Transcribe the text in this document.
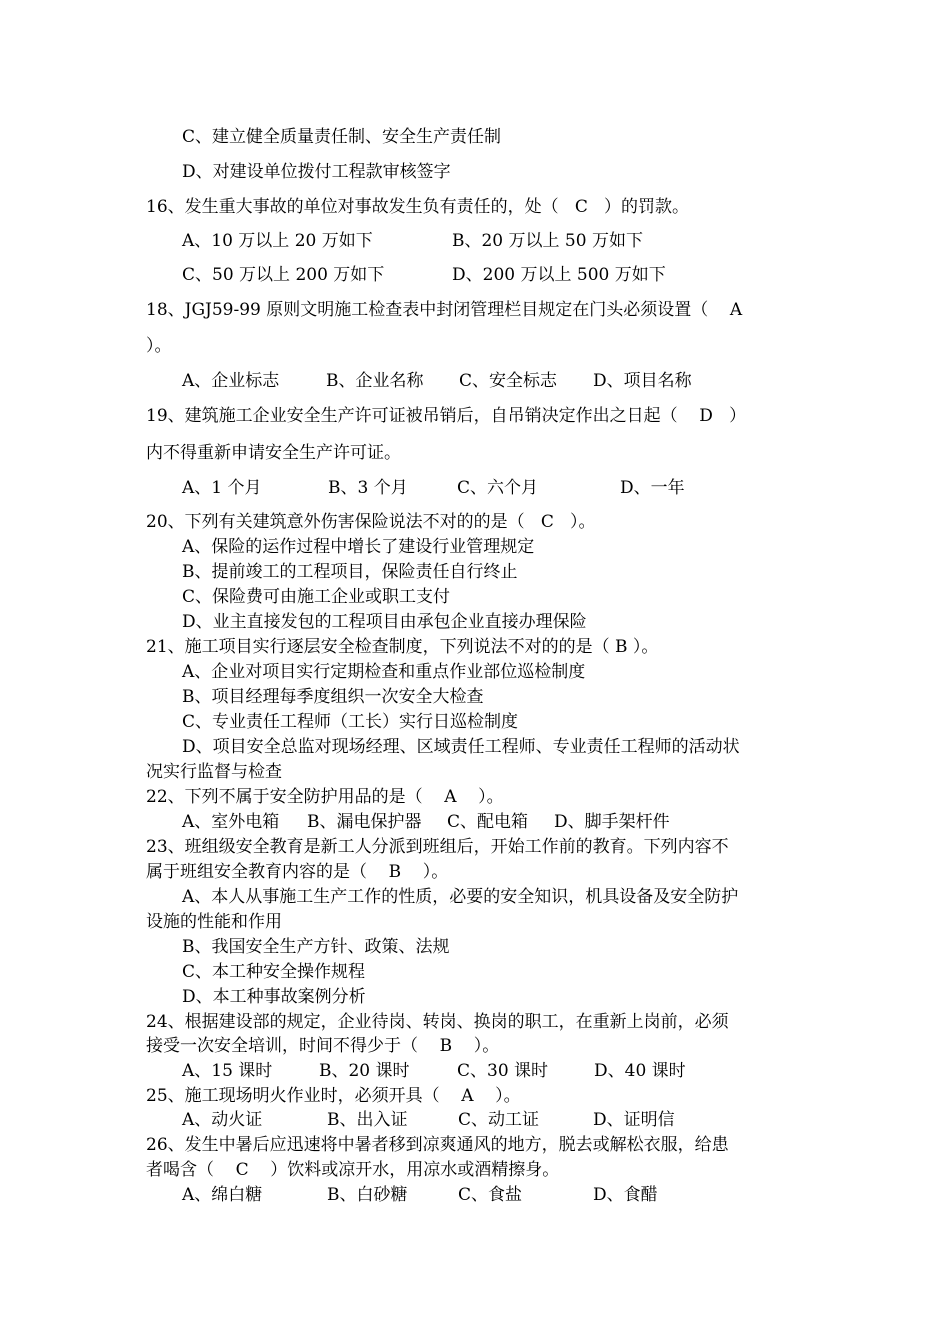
C、建立健全质量责任制、安全生产责任制
D、对建设单位拨付工程款审核签字
16、发生重大事故的单位对事故发生负有责任的，处（   C   ）的罚款。

A、10 万以上 20 万如下

	B、20 万以上 50 万如下

C、50 万以上 200 万如下

	D、200 万以上 500 万如下

18、JGJ59-99 原则文明施工检查表中封闭管理栏目规定在门头必须设置（    A
）。

A、企业标志

	B、企业名称

C、安全标志

D、项目名称

19、建筑施工企业安全生产许可证被吊销后，自吊销决定作出之日起（    D   ）
内不得重新申请安全生产许可证。

A、1 个月

	B、3 个月

	C、六个月

	D、一年

20、下列有关建筑意外伤害保险说法不对的的是（   C   ）。
A、保险的运作过程中增长了建设行业管理规定
B、提前竣工的工程项目，保险责任自行终止
C、保险费可由施工企业或职工支付
D、业主直接发包的工程项目由承包企业直接办理保险
21、施工项目实行逐层安全检查制度，下列说法不对的的是（ B ）。
A、企业对项目实行定期检查和重点作业部位巡检制度
B、项目经理每季度组织一次安全大检查
C、专业责任工程师（工长）实行日巡检制度
D、项目安全总监对现场经理、区域责任工程师、专业责任工程师的活动状
况实行监督与检查
22、下列不属于安全防护用品的是（    A    ）。

A、室外电箱

B、漏电保护器

C、配电箱

D、脚手架杆件

23、班组级安全教育是新工人分派到班组后，开始工作前的教育。下列内容不
属于班组安全教育内容的是（    B    ）。
A、本人从事施工生产工作的性质，必要的安全知识，机具设备及安全防护
设施的性能和作用
B、我国安全生产方针、政策、法规
C、本工种安全操作规程
D、本工种事故案例分析
24、根据建设部的规定，企业待岗、转岗、换岗的职工，在重新上岗前，必须
接受一次安全培训，时间不得少于（    B    ）。

A、15 课时

	B、20 课时

	C、30 课时

	D、40 课时

25、施工现场明火作业时，必须开具（    A    ）。

A、动火证

	B、出入证

	C、动工证

	D、证明信

26、发生中暑后应迅速将中暑者移到凉爽通风的地方，脱去或解松衣服，给患
者喝含（    C    ）饮料或凉开水，用凉水或酒精擦身。

A、绵白糖

	B、白砂糖

	C、食盐

	D、食醋
